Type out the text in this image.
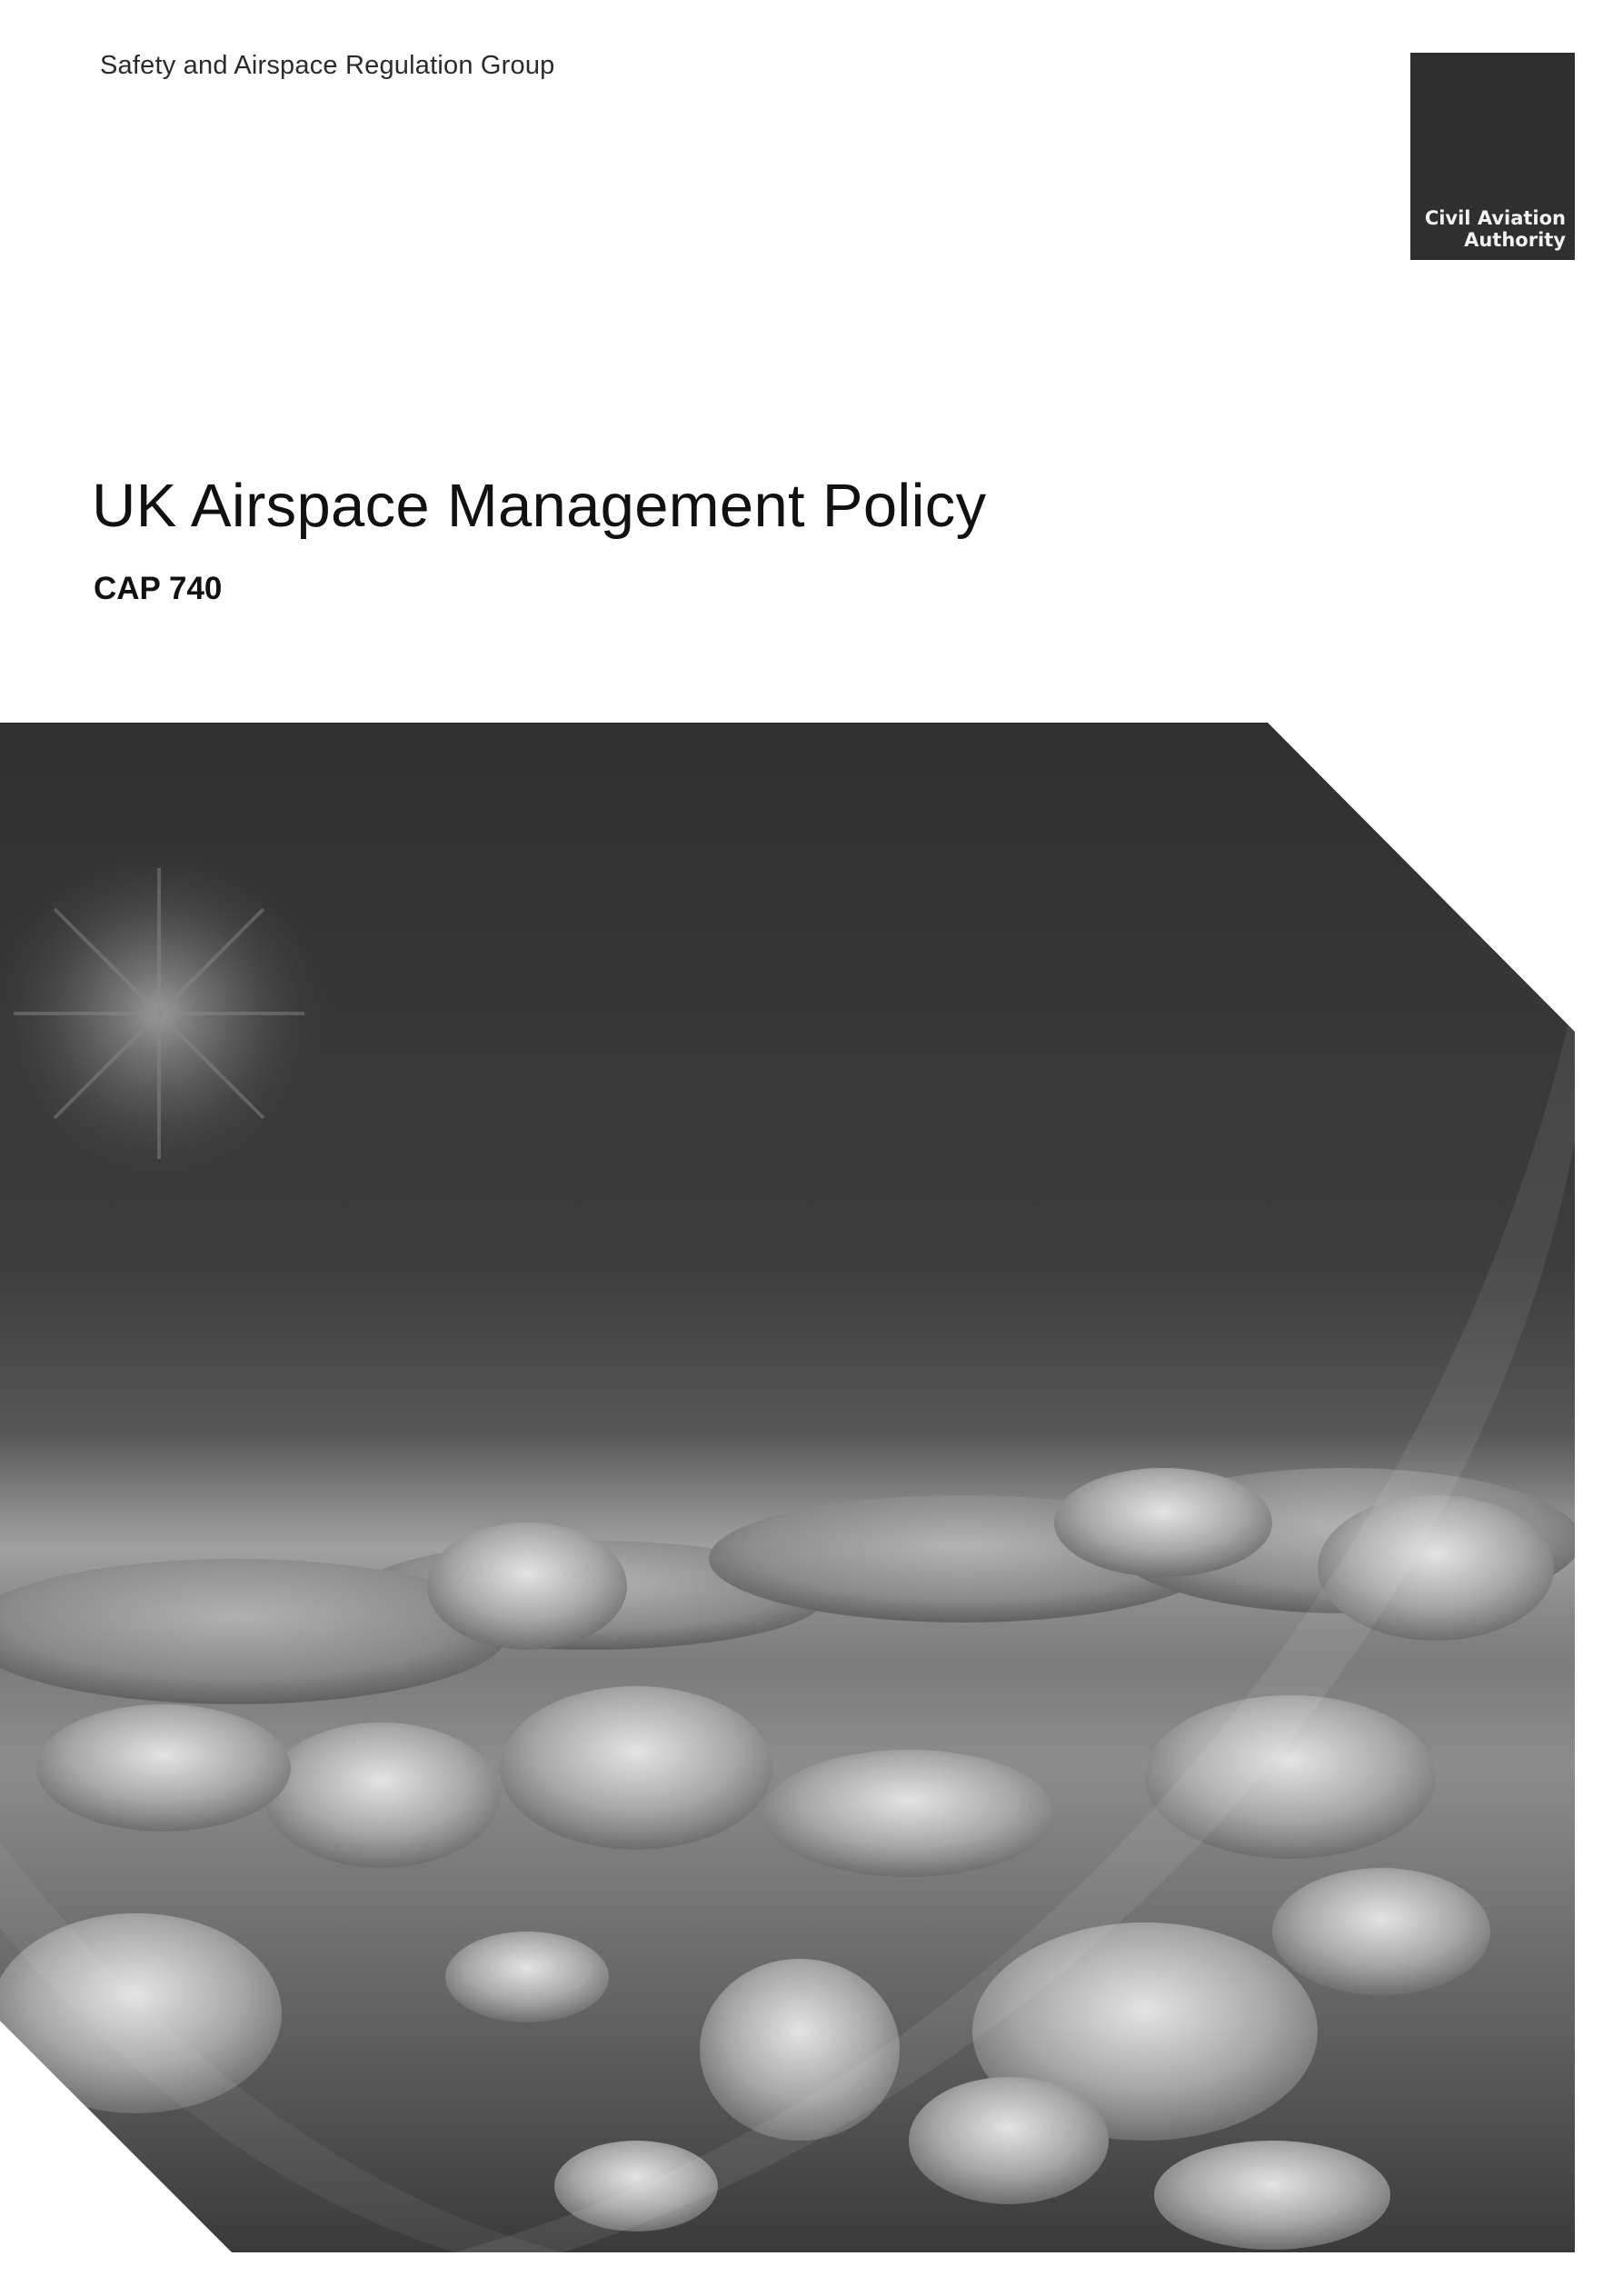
Safety and Airspace Regulation Group
Civil Aviation
Authority
UK Airspace Management Policy
CAP 740
